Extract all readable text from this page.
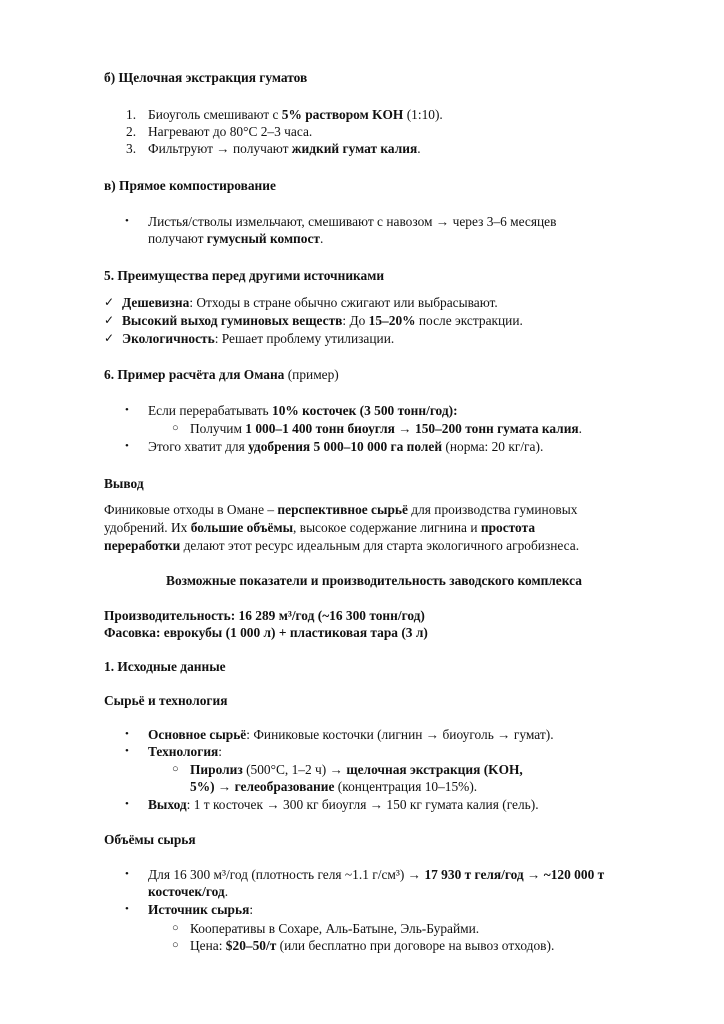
б) Щелочная экстракция гуматов
1. Биоуголь смешивают с 5% раствором KOH (1:10).
2. Нагревают до 80°C 2–3 часа.
3. Фильтруют → получают жидкий гумат калия.
в) Прямое компостирование
• Листья/стволы измельчают, смешивают с навозом → через 3–6 месяцев
получают гумусный компост.
5. Преимущества перед другими источниками
✓ Дешевизна: Отходы в стране обычно сжигают или выбрасывают.
✓ Высокий выход гуминовых веществ: До 15–20% после экстракции.
✓ Экологичность: Решает проблему утилизации.
6. Пример расчёта для Омана (пример)
• Если перерабатывать 10% косточек (3 500 тонн/год):
○ Получим 1 000–1 400 тонн биоугля → 150–200 тонн гумата калия.
• Этого хватит для удобрения 5 000–10 000 га полей (норма: 20 кг/га).
Вывод
Финиковые отходы в Омане – перспективное сырьё для производства гуминовых
удобрений. Их большие объёмы, высокое содержание лигнина и простота
переработки делают этот ресурс идеальным для старта экологичного агробизнеса.
Возможные показатели и производительность заводского комплекса
Производительность: 16 289 м³/год (~16 300 тонн/год)
Фасовка: еврокубы (1 000 л) + пластиковая тара (3 л)
1. Исходные данные
Сырьё и технология
• Основное сырьё: Финиковые косточки (лигнин → биоуголь → гумат).
• Технология:
○ Пиролиз (500°C, 1–2 ч) → щелочная экстракция (KOH,
5%) → гелеобразование (концентрация 10–15%).
• Выход: 1 т косточек → 300 кг биоугля → 150 кг гумата калия (гель).
Объёмы сырья
• Для 16 300 м³/год (плотность геля ~1.1 г/см³) → 17 930 т геля/год → ~120 000 т
косточек/год.
• Источник сырья:
○ Кооперативы в Сохаре, Аль-Батыне, Эль-Бурайми.
○ Цена: $20–50/т (или бесплатно при договоре на вывоз отходов).
